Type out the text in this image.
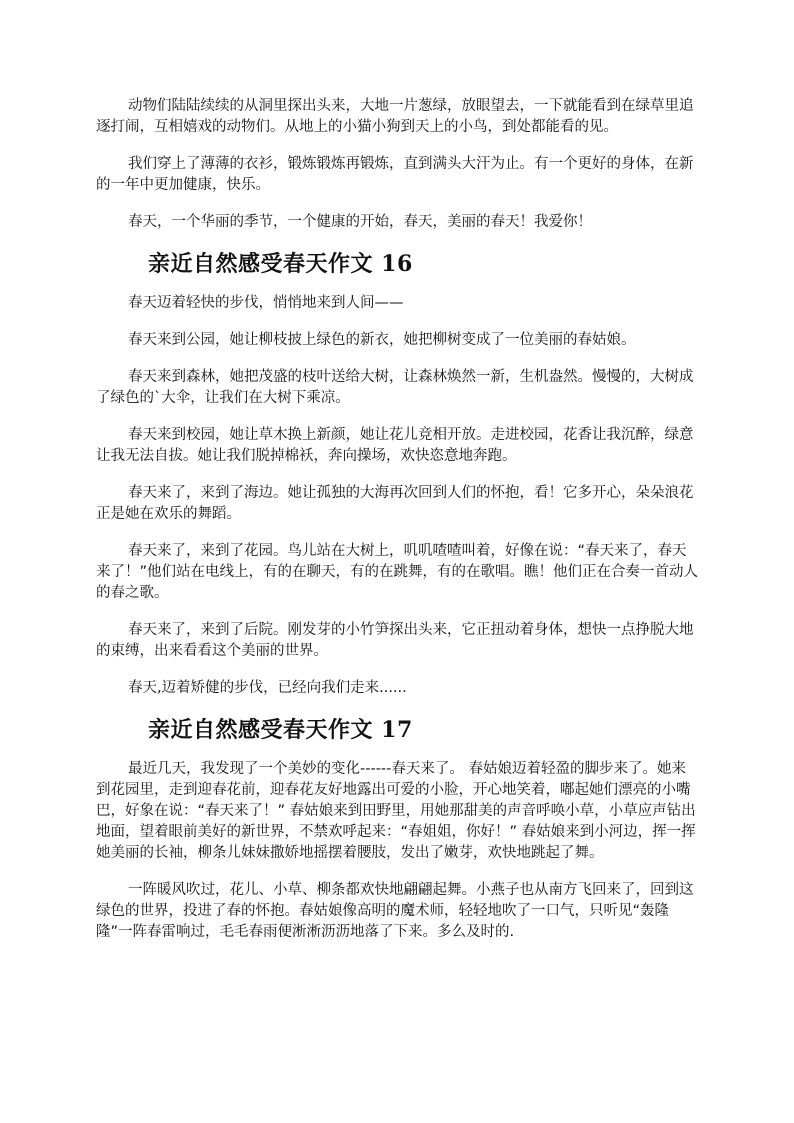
动物们陆陆续续的从洞里探出头来，大地一片葱绿，放眼望去，一下就能看到在绿草里追逐打闹，互相嬉戏的动物们。从地上的小猫小狗到天上的小鸟，到处都能看的见。

我们穿上了薄薄的衣衫，锻炼锻炼再锻炼，直到满头大汗为止。有一个更好的身体，在新的一年中更加健康，快乐。

春天，一个华丽的季节，一个健康的开始，春天，美丽的春天！我爱你！

亲近自然感受春天作文 16

春天迈着轻快的步伐，悄悄地来到人间——

春天来到公园，她让柳枝披上绿色的新衣，她把柳树变成了一位美丽的春姑娘。

春天来到森林，她把茂盛的枝叶送给大树，让森林焕然一新，生机盎然。慢慢的，大树成了绿色的`大伞，让我们在大树下乘凉。

春天来到校园，她让草木换上新颜，她让花儿竞相开放。走进校园，花香让我沉醉，绿意让我无法自拔。她让我们脱掉棉袄，奔向操场，欢快恣意地奔跑。

春天来了，来到了海边。她让孤独的大海再次回到人们的怀抱，看！它多开心，朵朵浪花正是她在欢乐的舞蹈。

春天来了，来到了花园。鸟儿站在大树上，叽叽喳喳叫着，好像在说：“春天来了，春天来了！”他们站在电线上，有的在聊天，有的在跳舞，有的在歌唱。瞧！他们正在合奏一首动人的春之歌。

春天来了，来到了后院。刚发芽的小竹笋探出头来，它正扭动着身体，想快一点挣脱大地的束缚，出来看看这个美丽的世界。

春天,迈着矫健的步伐，已经向我们走来......

亲近自然感受春天作文 17

最近几天，我发现了一个美妙的变化------春天来了。 春姑娘迈着轻盈的脚步来了。她来到花园里，走到迎春花前，迎春花友好地露出可爱的小脸，开心地笑着，嘟起她们漂亮的小嘴巴，好象在说：“春天来了！” 春姑娘来到田野里，用她那甜美的声音呼唤小草，小草应声钻出地面，望着眼前美好的新世界，不禁欢呼起来：“春姐姐，你好！” 春姑娘来到小河边，挥一挥她美丽的长袖，柳条儿妹妹撒娇地摇摆着腰肢，发出了嫩芽，欢快地跳起了舞。

一阵暖风吹过，花儿、小草、柳条都欢快地翩翩起舞。小燕子也从南方飞回来了，回到这绿色的世界，投进了春的怀抱。春姑娘像高明的魔术师，轻轻地吹了一口气，只听见“轰隆隆”一阵春雷响过，毛毛春雨便淅淅沥沥地落了下来。多么及时的.
